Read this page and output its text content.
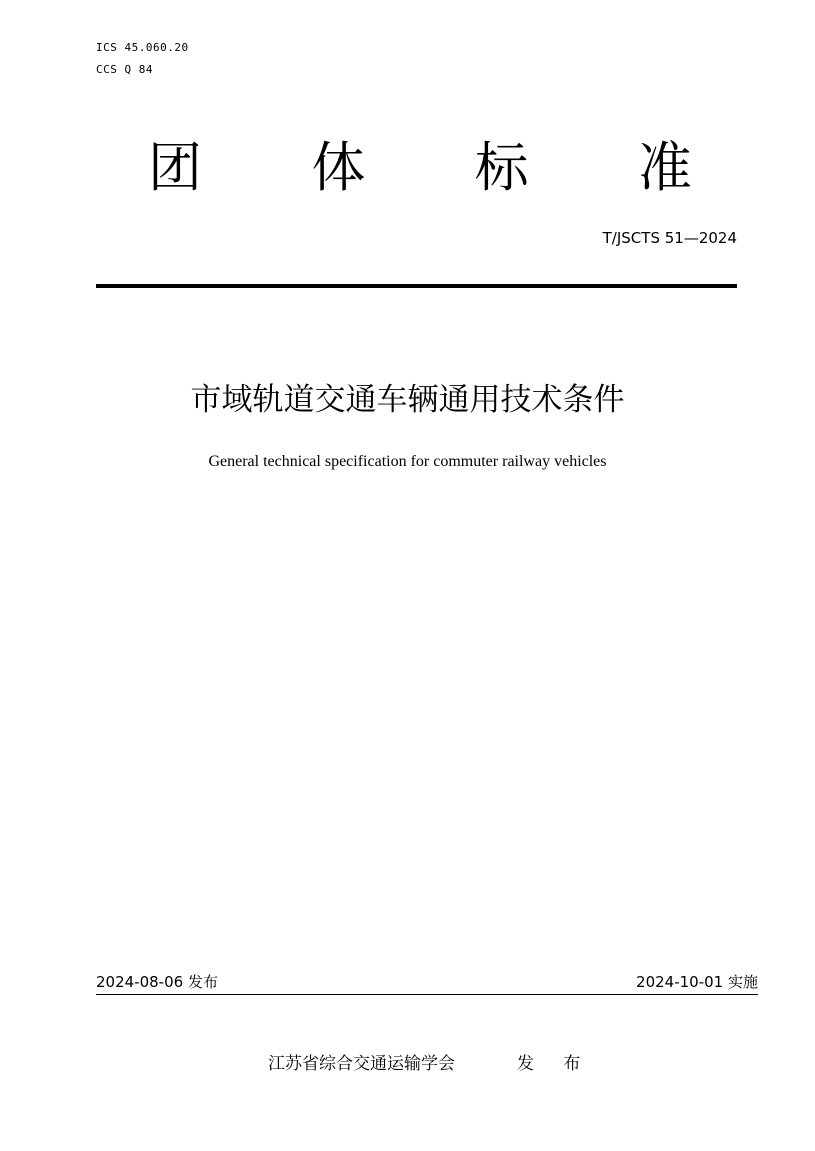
ICS 45.060.20
CCS Q 84
团 体 标 准
T/JSCTS 51—2024
市域轨道交通车辆通用技术条件
General technical specification for commuter railway vehicles
2024-08-06 发布	2024-10-01 实施
江苏省综合交通运输学会	发 布
